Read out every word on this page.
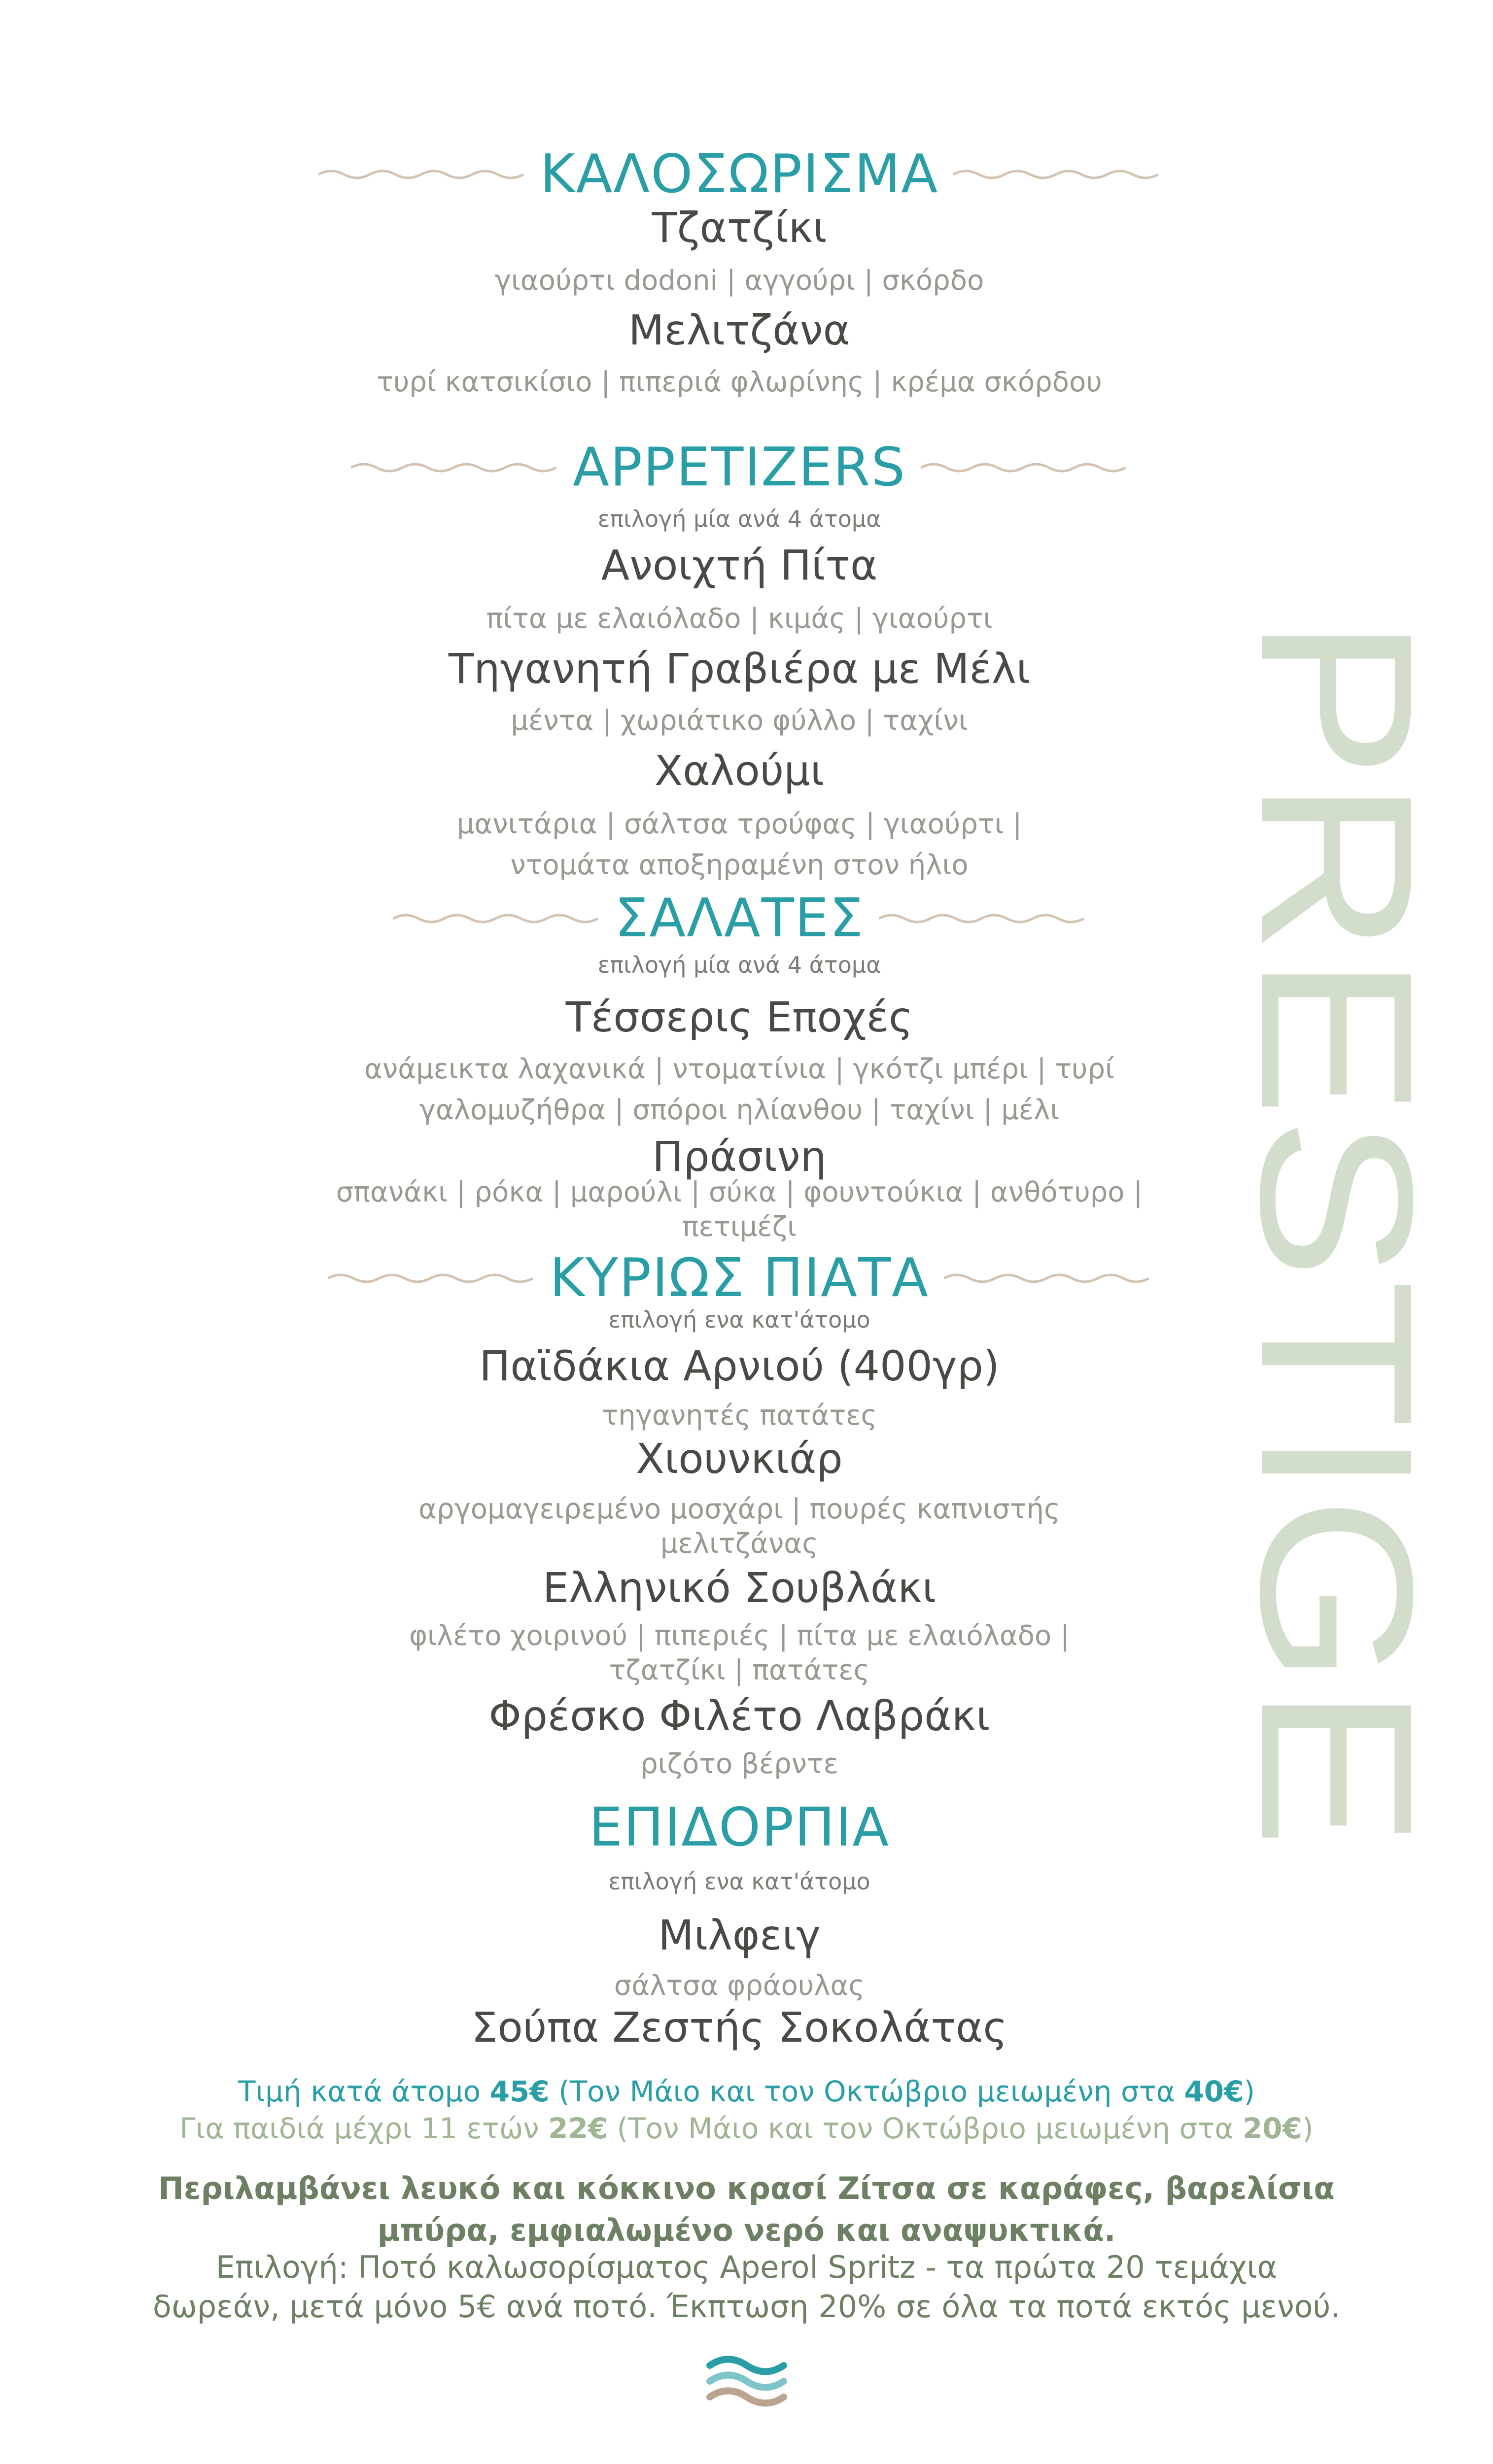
ΚΑΛΟΣΩΡΙΣΜΑ
Τζατζίκι
γιαούρτι dodoni | αγγούρι | σκόρδο
Μελιτζάνα
τυρί κατσικίσιο | πιπεριά φλωρίνης | κρέμα σκόρδου
APPETIZERS
επιλογή μία ανά 4 άτομα
Ανοιχτή Πίτα
πίτα με ελαιόλαδο | κιμάς | γιαούρτι
Τηγανητή Γραβιέρα με Μέλι
μέντα | χωριάτικο φύλλο | ταχίνι
Χαλούμι
μανιτάρια | σάλτσα τρούφας | γιαούρτι |
ντομάτα αποξηραμένη στον ήλιο
ΣΑΛΑΤΕΣ
επιλογή μία ανά 4 άτομα
Τέσσερις Εποχές
ανάμεικτα λαχανικά | ντοματίνια | γκότζι μπέρι | τυρί
γαλομυζήθρα | σπόροι ηλίανθου | ταχίνι | μέλι
Πράσινη
σπανάκι | ρόκα | μαρούλι | σύκα | φουντούκια | ανθότυρο |
πετιμέζι
ΚΥΡΙΩΣ ΠΙΑΤΑ
επιλογή ενα κατ'άτομο
Παϊδάκια Αρνιού (400γρ)
τηγανητές πατάτες
Χιουνκιάρ
αργομαγειρεμένο μοσχάρι | πουρές καπνιστής
μελιτζάνας
Ελληνικό Σουβλάκι
φιλέτο χοιρινού | πιπεριές | πίτα με ελαιόλαδο |
τζατζίκι | πατάτες
Φρέσκο Φιλέτο Λαβράκι
ριζότο βέρντε
ΕΠΙΔΟΡΠΙΑ
επιλογή ενα κατ'άτομο
Μιλφειγ
σάλτσα φράουλας
Σούπα Ζεστής Σοκολάτας
Τιμή κατά άτομο 45€ (Τον Μάιο και τον Οκτώβριο μειωμένη στα 40€)
Για παιδιά μέχρι 11 ετών 22€ (Τον Μάιο και τον Οκτώβριο μειωμένη στα 20€)
Περιλαμβάνει λευκό και κόκκινο κρασί Ζίτσα σε καράφες, βαρελίσια
μπύρα, εμφιαλωμένο νερό και αναψυκτικά.
Επιλογή: Ποτό καλωσορίσματος Aperol Spritz - τα πρώτα 20 τεμάχια
δωρεάν, μετά μόνο 5€ ανά ποτό. Έκπτωση 20% σε όλα τα ποτά εκτός μενού.
PRESTIGE
